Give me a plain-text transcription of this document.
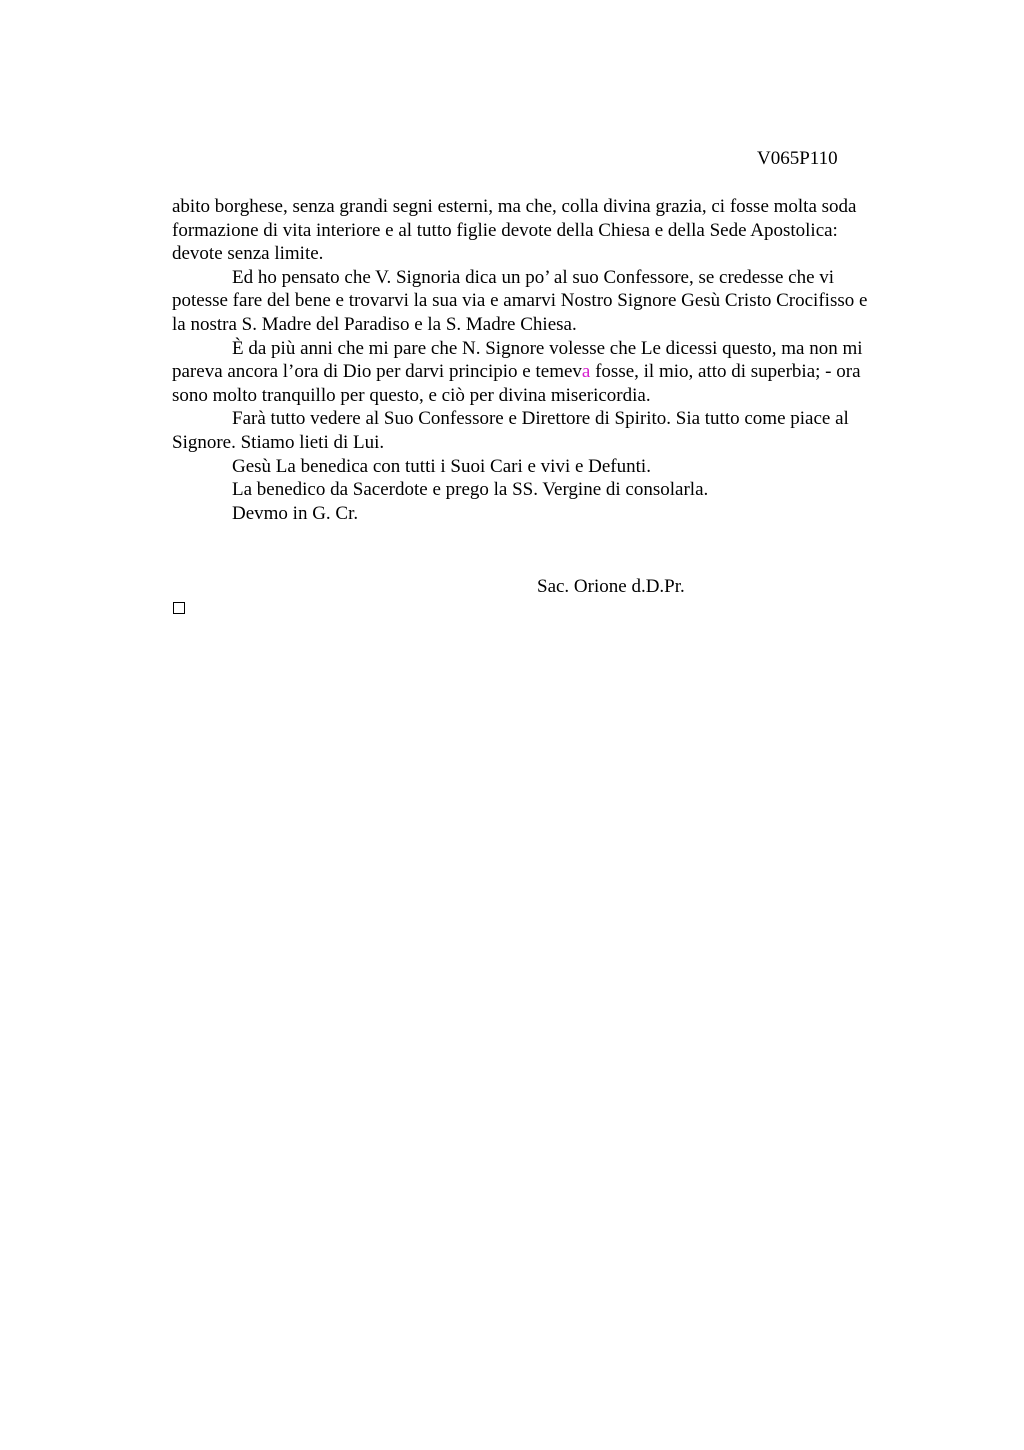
V065P110

abito borghese, senza grandi segni esterni, ma che, colla divina grazia, ci fosse molta soda

formazione di vita interiore e al tutto figlie devote della Chiesa e della Sede Apostolica:

devote senza limite.

Ed ho pensato che V. Signoria dica un po’ al suo Confessore, se credesse che vi

potesse fare del bene e trovarvi la sua via e amarvi Nostro Signore Gesù Cristo Crocifisso e

la nostra S. Madre del Paradiso e la S. Madre Chiesa.

È da più anni che mi pare che N. Signore volesse che Le dicessi questo, ma non mi

pareva ancora l’ora di Dio per darvi principio e temeva fosse, il mio, atto di superbia; - ora

sono molto tranquillo per questo, e ciò per divina misericordia.

Farà tutto vedere al Suo Confessore e Direttore di Spirito. Sia tutto come piace al

Signore. Stiamo lieti di Lui.

Gesù La benedica con tutti i Suoi Cari e vivi e Defunti.

La benedico da Sacerdote e prego la SS. Vergine di consolarla.

Devmo in G. Cr.

Sac. Orione d.D.Pr.
